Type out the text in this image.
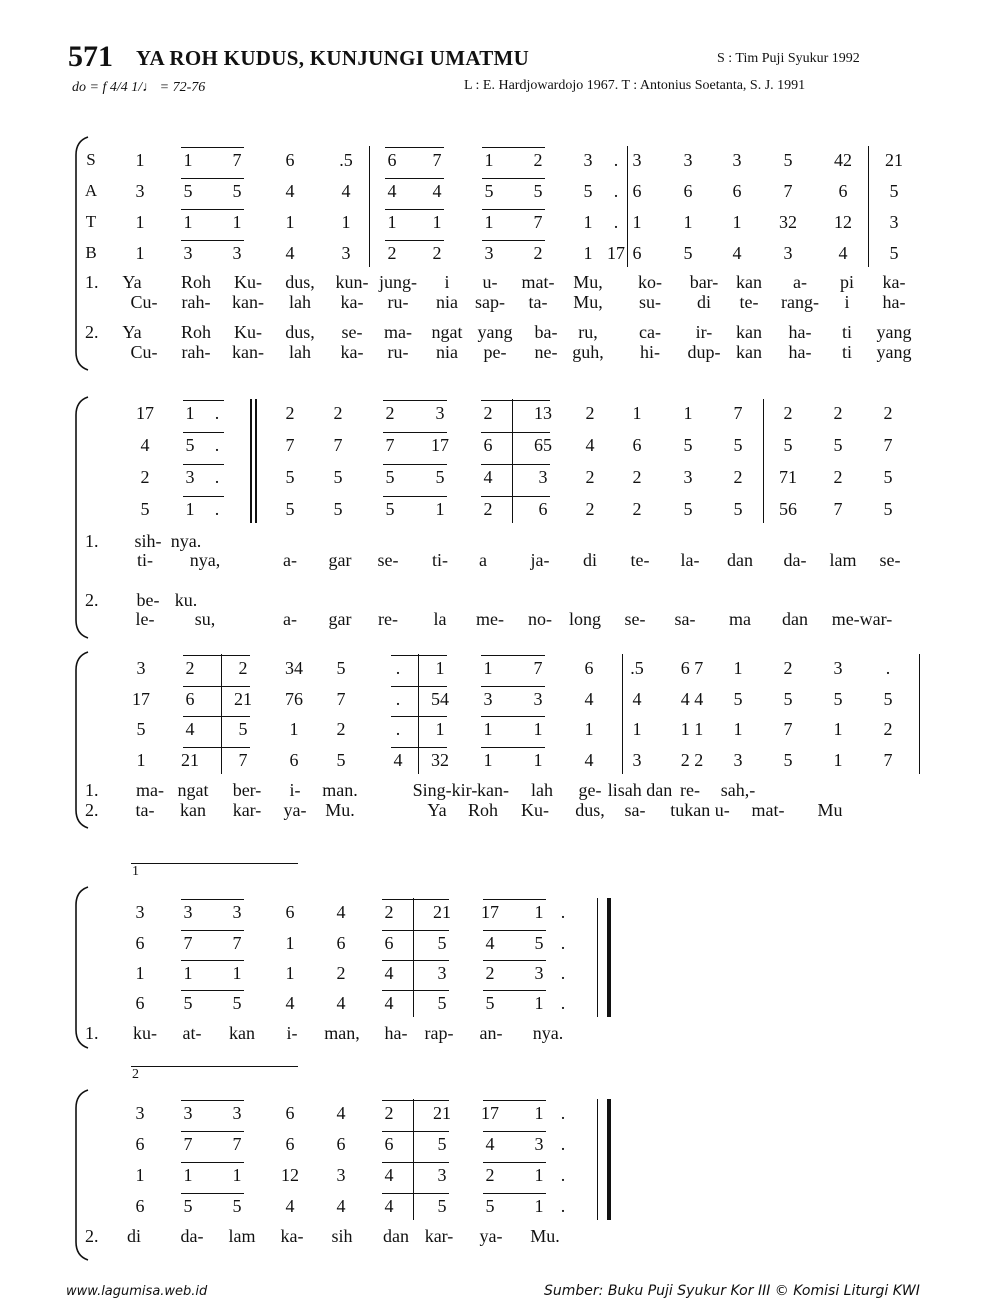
571 YA ROH KUDUS, KUNJUNGI UMATMU
do = f 4/4 1/♩ = 72-76
S : Tim Puji Syukur 1992
L : E. Hardjowardojo 1967. T : Antonius Soetanta, S. J. 1991
S
A
T
B
1	1	7	6	.5	6	7	1	2	3	. 3	3	3	5	42	21
3	5	5	4	4	4	4	5	5	5	. 6	6	6	7	6	5
1	1	1	1	1	1	1	1	7	1	. 1	1	1	32	12	3
1	3	3	4	3	2	2	3	2	1 17 6	5	4	3	4	5
1.	Ya	Roh	Ku-	dus,	kun- jung-	i	u-	mat-	Mu,	ko-	bar- kan	a-	pi	ka-
Cu-	rah-	kan-	lah	ka-	ru-	nia sap-	ta-	Mu,	su-	di	te-	rang-	i	ha-
2.	Ya	Roh	Ku-	dus,	se-	ma-	ngat yang	ba-	ru,	ca-	ir-	kan	ha-	ti	yang
Cu-	rah-	kan-	lah	ka-	ru-	nia	pe-	ne- guh,	hi-	dup- kan	ha-	ti	yang
17	1	.	2	2	2	3	2	13	2	1	1	7	2	2	2
4	5	.	7	7	7	17	6	65	4	6	5	5	5	5	7
2	3	.	5	5	5	5	4	3	2	2	3	2	71	2	5
5	1	.	5	5	5	1	2	6	2	2	5	5	56	7	5
1.	sih- nya.
ti-	nya,	a-	gar	se-	ti-	a	ja-	di	te-	la-	dan	da-	lam	se-
2.	be- ku.
le-	su,	a-	gar	re-	la	me-	no- long	se-	sa-	ma	dan	me-war-
3	2	2	34	5	.	1	1	7	6	.5	6 7	1	2	3	.
17	6	21	76	7	.	54	3	3	4	4	4 4	5	5	5	5
5	4	5	1	2	.	1	1	1	1	1	1 1	1	7	1	2
1	21	7	6	5	4	32	1	1	4	3	2 2	3	5	1	7
1.	ma- ngat	ber-	i-	man.	Sing-kir- kan-	lah	ge- lisah dan re-	sah,-
2.	ta-	kan	kar-	ya-	Mu.	Ya	Roh	Ku-	dus,	sa-	tukan u-	mat-	Mu
3	3	3	6	4	2	21	17	1 .
6	7	7	1	6	6	5	4	5 .
1	1	1	1	2	4	3	2	3 .
6	5	5	4	4	4	5	5	1 .
1.	ku-	at-	kan	i-	man,	ha- rap-	an-	nya.
1
3	3	3	6	4	2	21	17	1 .
6	7	7	6	6	6	5	4	3 .
1	1	1	12	3	4	3	2	1 .
6	5	5	4	4	4	5	5	1 .
2.	di	da-	lam	ka-	sih	dan kar-	ya-	Mu.
2
www.lagumisa.web.id	Sumber: Buku Puji Syukur Kor III © Komisi Liturgi KWI
